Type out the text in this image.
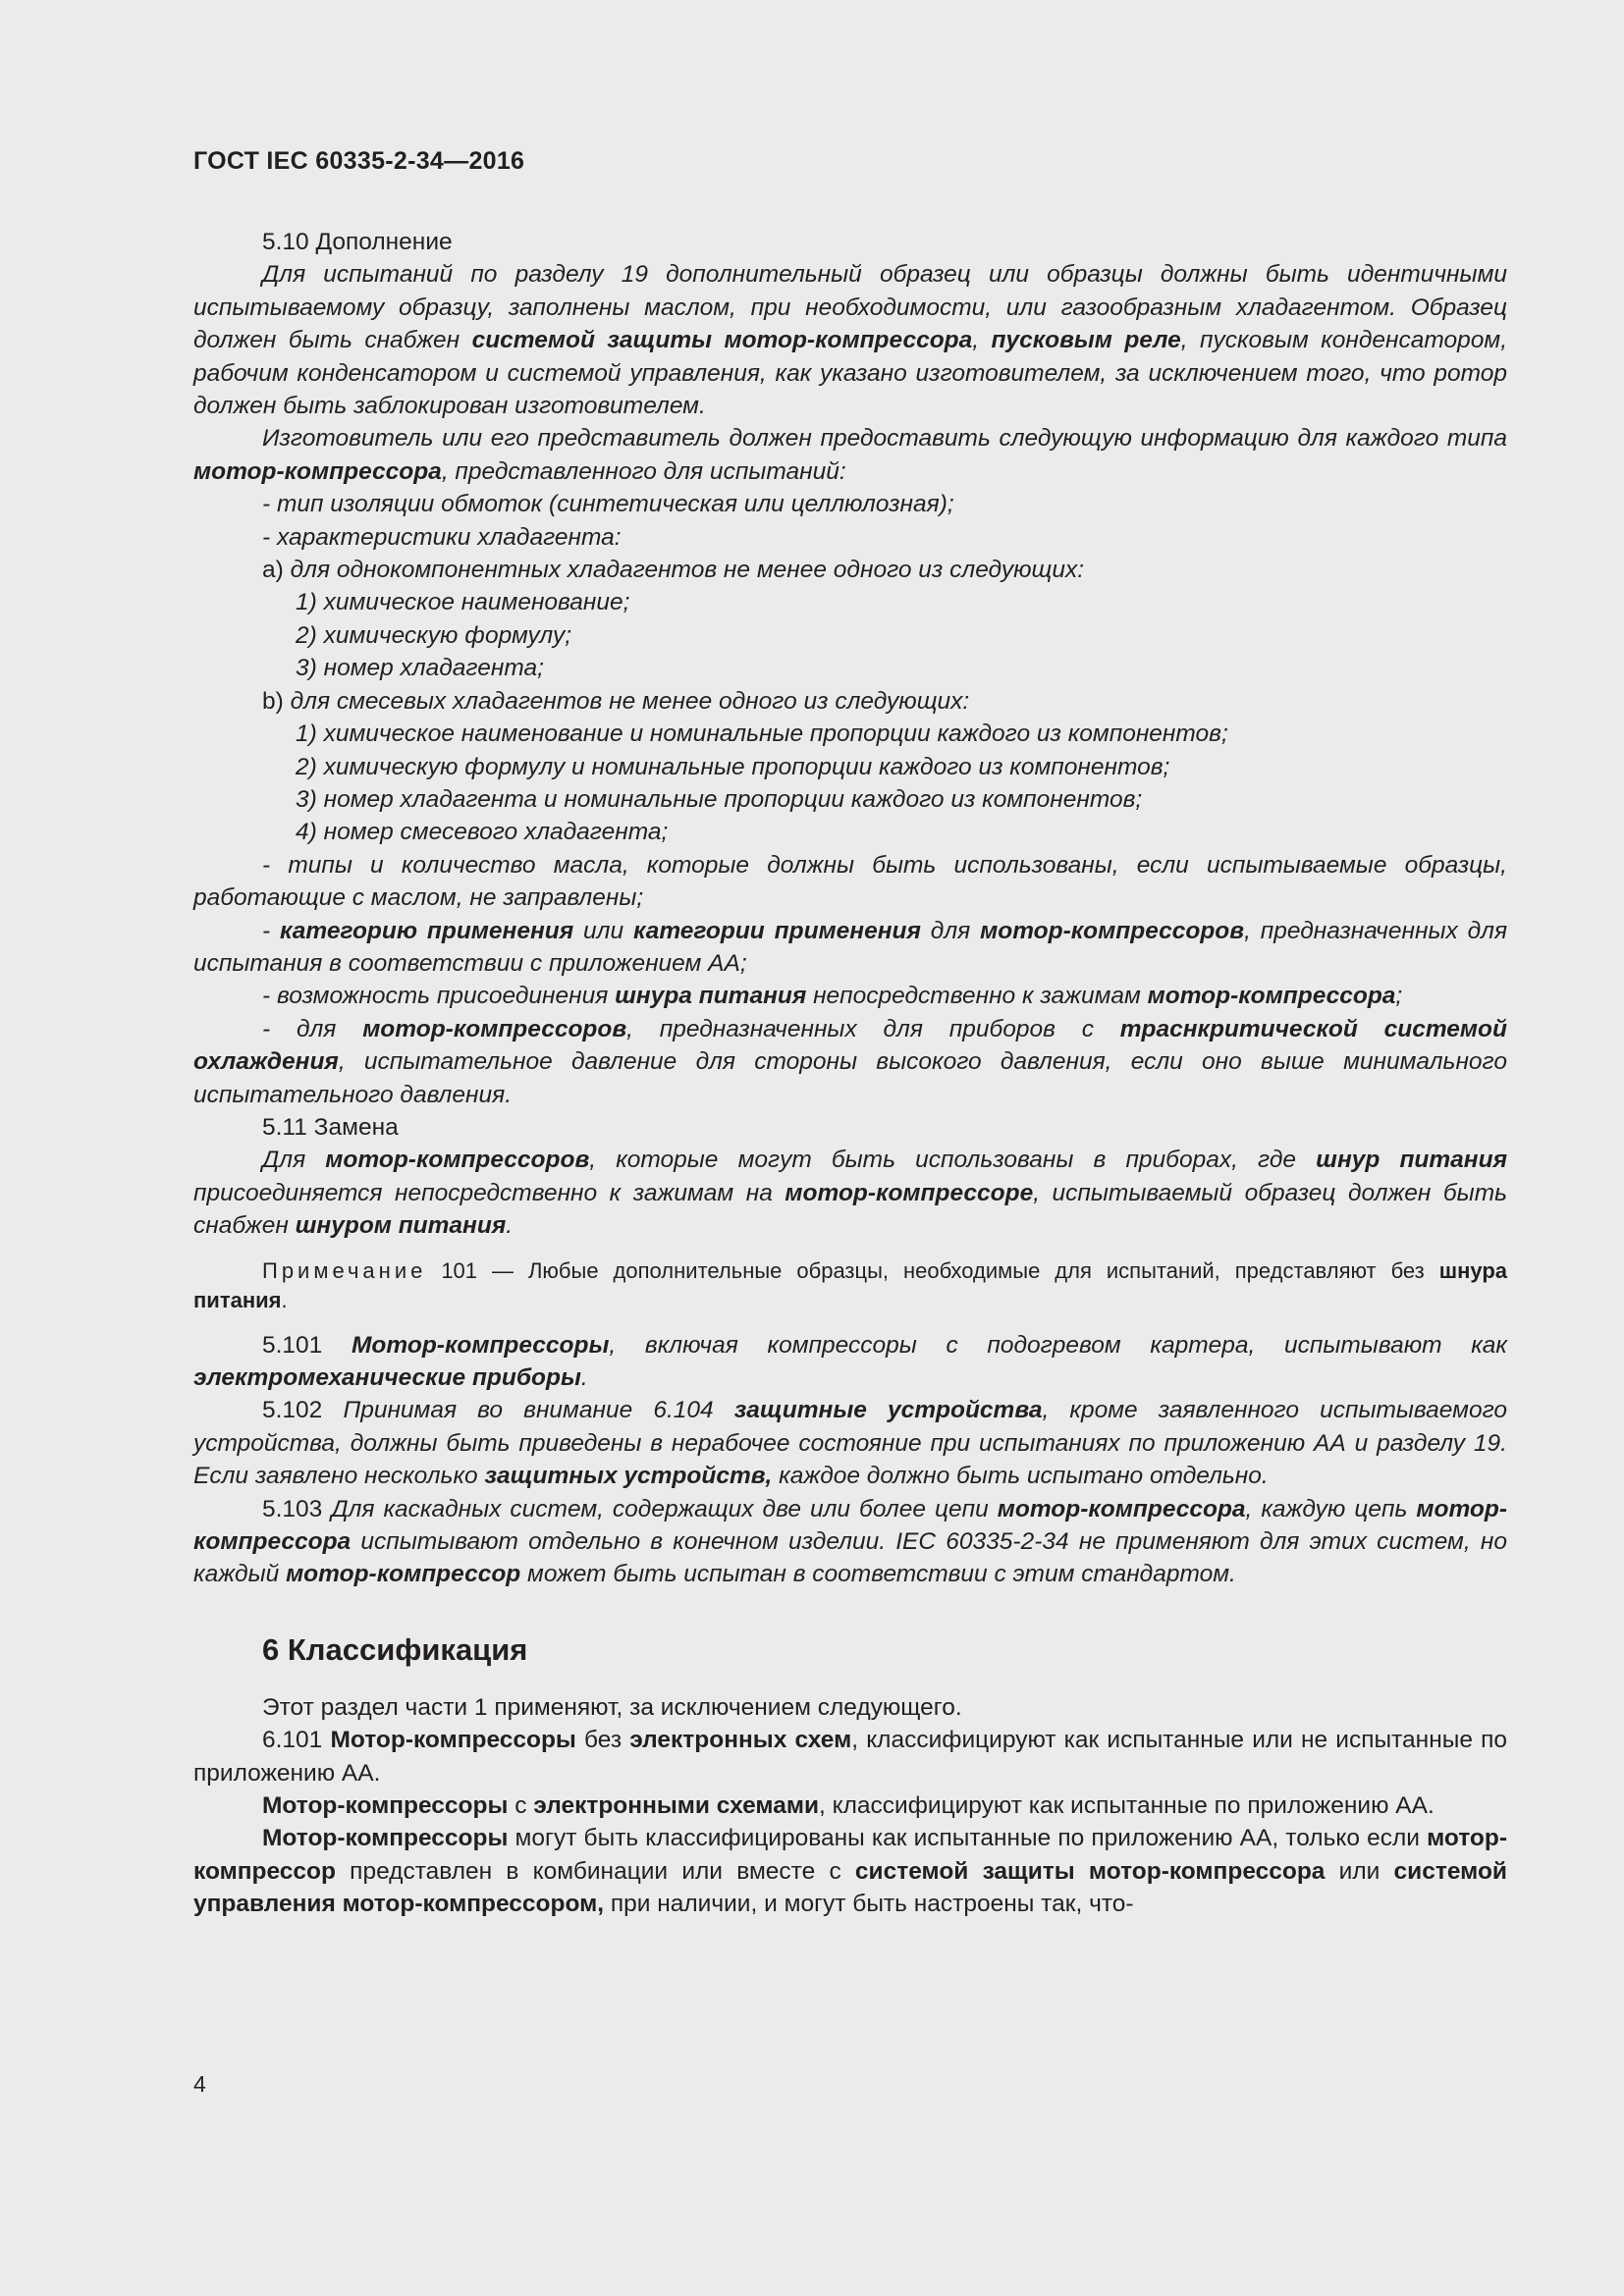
ГОСТ IEC 60335-2-34—2016

5.10 Дополнение

Для испытаний по разделу 19 дополнительный образец или образцы должны быть идентичными испытываемому образцу, заполнены маслом, при необходимости, или газообразным хладагентом. Образец должен быть снабжен системой защиты мотор-компрессора, пусковым реле, пусковым конденсатором, рабочим конденсатором и системой управления, как указано изготовителем, за исключением того, что ротор должен быть заблокирован изготовителем.

Изготовитель или его представитель должен предоставить следующую информацию для каждого типа мотор-компрессора, представленного для испытаний:

- тип изоляции обмоток (синтетическая или целлюлозная);

- характеристики хладагента:

a) для однокомпонентных хладагентов не менее одного из следующих:

1) химическое наименование;

2) химическую формулу;

3) номер хладагента;

b) для смесевых хладагентов не менее одного из следующих:

1) химическое наименование и номинальные пропорции каждого из компонентов;

2) химическую формулу и номинальные пропорции каждого из компонентов;

3) номер хладагента и номинальные пропорции каждого из компонентов;

4) номер смесевого хладагента;

- типы и количество масла, которые должны быть использованы, если испытываемые образцы, работающие с маслом, не заправлены;

- категорию применения или категории применения для мотор-компрессоров, предназначенных для испытания в соответствии с приложением АА;

- возможность присоединения шнура питания непосредственно к зажимам мотор-компрессора;

- для мотор-компрессоров, предназначенных для приборов с траснкритической системой охлаждения, испытательное давление для стороны высокого давления, если оно выше минимального испытательного давления.

5.11 Замена

Для мотор-компрессоров, которые могут быть использованы в приборах, где шнур питания присоединяется непосредственно к зажимам на мотор-компрессоре, испытываемый образец должен быть снабжен шнуром питания.

Примечание 101 — Любые дополнительные образцы, необходимые для испытаний, представляют без шнура питания.

5.101 Мотор-компрессоры, включая компрессоры с подогревом картера, испытывают как электромеханические приборы.

5.102 Принимая во внимание 6.104 защитные устройства, кроме заявленного испытываемого устройства, должны быть приведены в нерабочее состояние при испытаниях по приложению АА и разделу 19. Если заявлено несколько защитных устройств, каждое должно быть испытано отдельно.

5.103 Для каскадных систем, содержащих две или более цепи мотор-компрессора, каждую цепь мотор-компрессора испытывают отдельно в конечном изделии. IEC 60335-2-34 не применяют для этих систем, но каждый мотор-компрессор может быть испытан в соответствии с этим стандартом.

6 Классификация

Этот раздел части 1 применяют, за исключением следующего.

6.101 Мотор-компрессоры без электронных схем, классифицируют как испытанные или не испытанные по приложению АА.

Мотор-компрессоры с электронными схемами, классифицируют как испытанные по приложению АА.

Мотор-компрессоры могут быть классифицированы как испытанные по приложению АА, только если мотор-компрессор представлен в комбинации или вместе с системой защиты мотор-компрессора или системой управления мотор-компрессором, при наличии, и могут быть настроены так, что-

4
